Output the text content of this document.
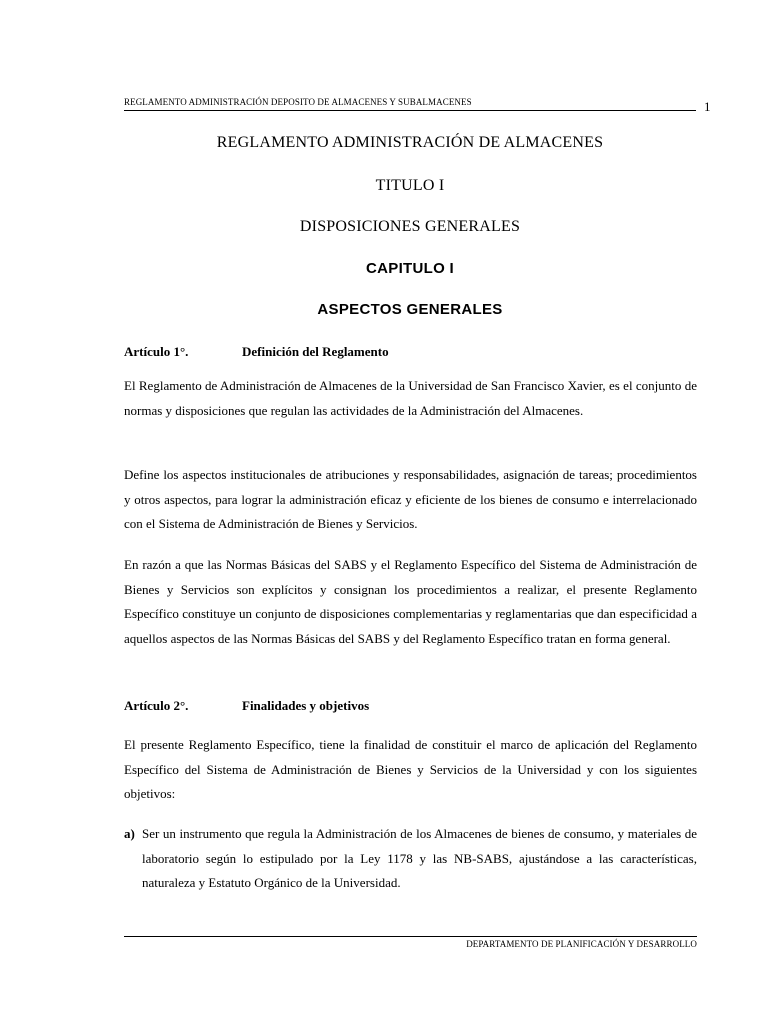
REGLAMENTO ADMINISTRACIÓN DEPOSITO DE ALMACENES Y SUBALMACENES	1
REGLAMENTO ADMINISTRACIÓN DE ALMACENES
TITULO I
DISPOSICIONES GENERALES
CAPITULO I
ASPECTOS GENERALES
Artículo 1°.	Definición del Reglamento
El Reglamento de Administración de Almacenes de la Universidad de San Francisco Xavier, es el conjunto de normas y disposiciones que regulan las actividades de la Administración del Almacenes.
Define los aspectos institucionales de atribuciones y responsabilidades, asignación de tareas; procedimientos y otros aspectos, para lograr la administración eficaz y eficiente de los bienes de consumo e interrelacionado con el Sistema de Administración de Bienes y Servicios.
En razón a que las Normas Básicas del SABS y el Reglamento Específico del Sistema de Administración de Bienes y Servicios son explícitos y consignan los procedimientos a realizar, el presente Reglamento Específico constituye un conjunto de disposiciones complementarias y reglamentarias que dan especificidad a aquellos aspectos de las Normas Básicas del SABS y del Reglamento Específico tratan en forma general.
Artículo 2°.	Finalidades y objetivos
El presente Reglamento Específico, tiene la finalidad de constituir el marco de aplicación del Reglamento Específico del Sistema de Administración de Bienes y Servicios de la Universidad y con los siguientes objetivos:
a) Ser un instrumento que regula la Administración de los Almacenes de bienes de consumo, y materiales de laboratorio según lo estipulado por la Ley 1178 y las NB-SABS, ajustándose a las características, naturaleza y Estatuto Orgánico de la Universidad.
DEPARTAMENTO DE PLANIFICACIÓN Y DESARROLLO
